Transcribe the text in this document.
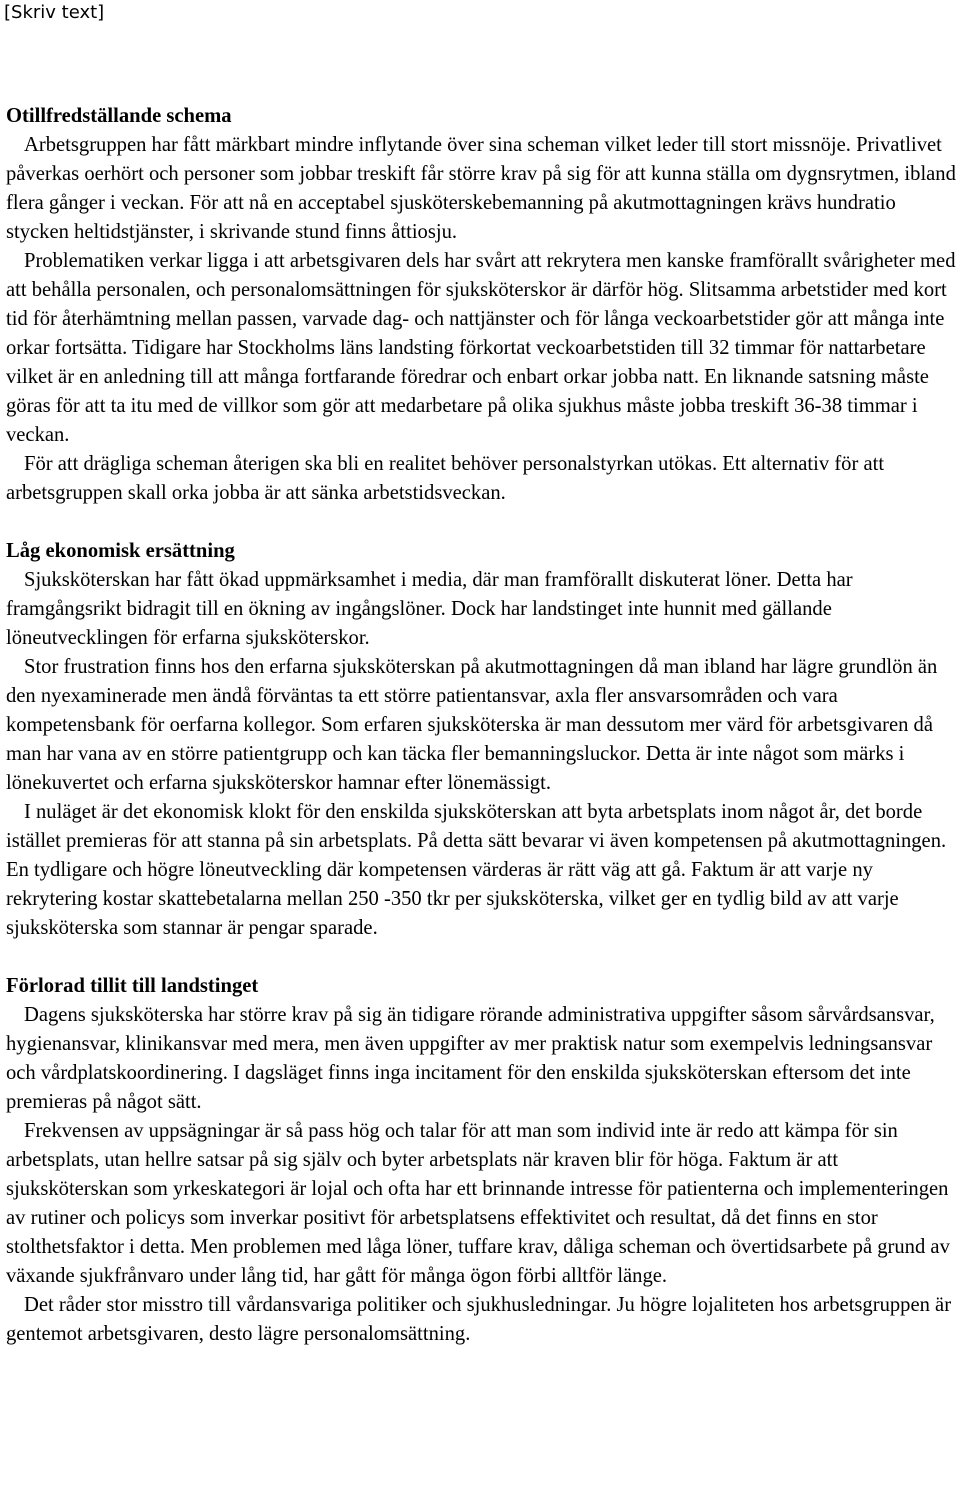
[Skriv text]

Otillfredställande schema

Arbetsgruppen har fått märkbart mindre inflytande över sina scheman vilket leder till stort missnöje. Privatlivet påverkas oerhört och personer som jobbar treskift får större krav på sig för att kunna ställa om dygnsrytmen, ibland flera gånger i veckan. För att nå en acceptabel sjusköterskebemanning på akutmottagningen krävs hundratio stycken heltidstjänster, i skrivande stund finns åttiosju.

Problematiken verkar ligga i att arbetsgivaren dels har svårt att rekrytera men kanske framförallt svårigheter med att behålla personalen, och personalomsättningen för sjuksköterskor är därför hög. Slitsamma arbetstider med kort tid för återhämtning mellan passen, varvade dag- och nattjänster och för långa veckoarbetstider gör att många inte orkar fortsätta. Tidigare har Stockholms läns landsting förkortat veckoarbetstiden till 32 timmar för nattarbetare vilket är en anledning till att många fortfarande föredrar och enbart orkar jobba natt. En liknande satsning måste göras för att ta itu med de villkor som gör att medarbetare på olika sjukhus måste jobba treskift 36-38 timmar i veckan.

För att drägliga scheman återigen ska bli en realitet behöver personalstyrkan utökas. Ett alternativ för att arbetsgruppen skall orka jobba är att sänka arbetstidsveckan.

Låg ekonomisk ersättning

Sjuksköterskan har fått ökad uppmärksamhet i media, där man framförallt diskuterat löner. Detta har framgångsrikt bidragit till en ökning av ingångslöner. Dock har landstinget inte hunnit med gällande löneutvecklingen för erfarna sjuksköterskor.

Stor frustration finns hos den erfarna sjuksköterskan på akutmottagningen då man ibland har lägre grundlön än den nyexaminerade men ändå förväntas ta ett större patientansvar, axla fler ansvarsområden och vara kompetensbank för oerfarna kollegor. Som erfaren sjuksköterska är man dessutom mer värd för arbetsgivaren då man har vana av en större patientgrupp och kan täcka fler bemanningsluckor. Detta är inte något som märks i lönekuvertet och erfarna sjuksköterskor hamnar efter lönemässigt.

I nuläget är det ekonomisk klokt för den enskilda sjuksköterskan att byta arbetsplats inom något år, det borde istället premieras för att stanna på sin arbetsplats. På detta sätt bevarar vi även kompetensen på akutmottagningen. En tydligare och högre löneutveckling där kompetensen värderas är rätt väg att gå. Faktum är att varje ny rekrytering kostar skattebetalarna mellan 250 -350 tkr per sjuksköterska, vilket ger en tydlig bild av att varje sjuksköterska som stannar är pengar sparade.

Förlorad tillit till landstinget

Dagens sjuksköterska har större krav på sig än tidigare rörande administrativa uppgifter såsom sårvårdsansvar, hygienansvar, klinikansvar med mera, men även uppgifter av mer praktisk natur som exempelvis ledningsansvar och vårdplatskoordinering. I dagsläget finns inga incitament för den enskilda sjuksköterskan eftersom det inte premieras på något sätt.

Frekvensen av uppsägningar är så pass hög och talar för att man som individ inte är redo att kämpa för sin arbetsplats, utan hellre satsar på sig själv och byter arbetsplats när kraven blir för höga. Faktum är att sjuksköterskan som yrkeskategori är lojal och ofta har ett brinnande intresse för patienterna och implementeringen av rutiner och policys som inverkar positivt för arbetsplatsens effektivitet och resultat, då det finns en stor stolthetsfaktor i detta. Men problemen med låga löner, tuffare krav, dåliga scheman och övertidsarbete på grund av växande sjukfrånvaro under lång tid, har gått för många ögon förbi alltför länge.

Det råder stor misstro till vårdansvariga politiker och sjukhusledningar. Ju högre lojaliteten hos arbetsgruppen är gentemot arbetsgivaren, desto lägre personalomsättning.
